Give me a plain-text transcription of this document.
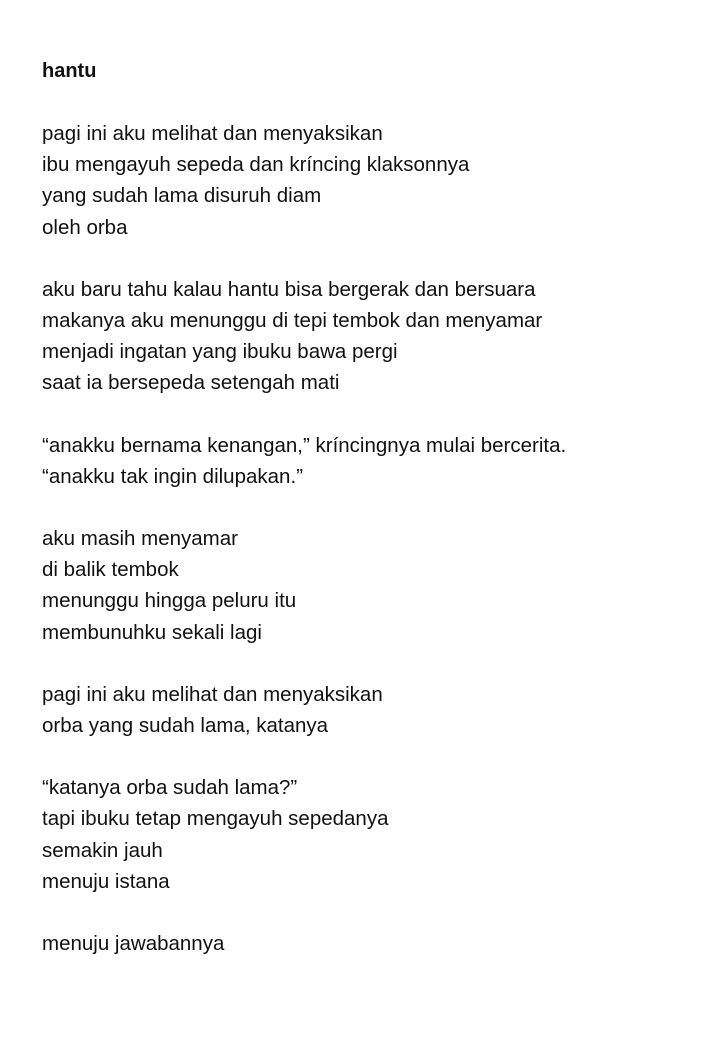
hantu
pagi ini aku melihat dan menyaksikan
ibu mengayuh sepeda dan kríncing klaksonnya
yang sudah lama disuruh diam
oleh orba
aku baru tahu kalau hantu bisa bergerak dan bersuara
makanya aku menunggu di tepi tembok dan menyamar
menjadi ingatan yang ibuku bawa pergi
saat ia bersepeda setengah mati
“anakku bernama kenangan,” kríncingnya mulai bercerita.
“anakku tak ingin dilupakan.”
aku masih menyamar
di balik tembok
menunggu hingga peluru itu
membunuhku sekali lagi
pagi ini aku melihat dan menyaksikan
orba yang sudah lama, katanya
“katanya orba sudah lama?”
tapi ibuku tetap mengayuh sepedanya
semakin jauh
menuju istana
menuju jawabannya
